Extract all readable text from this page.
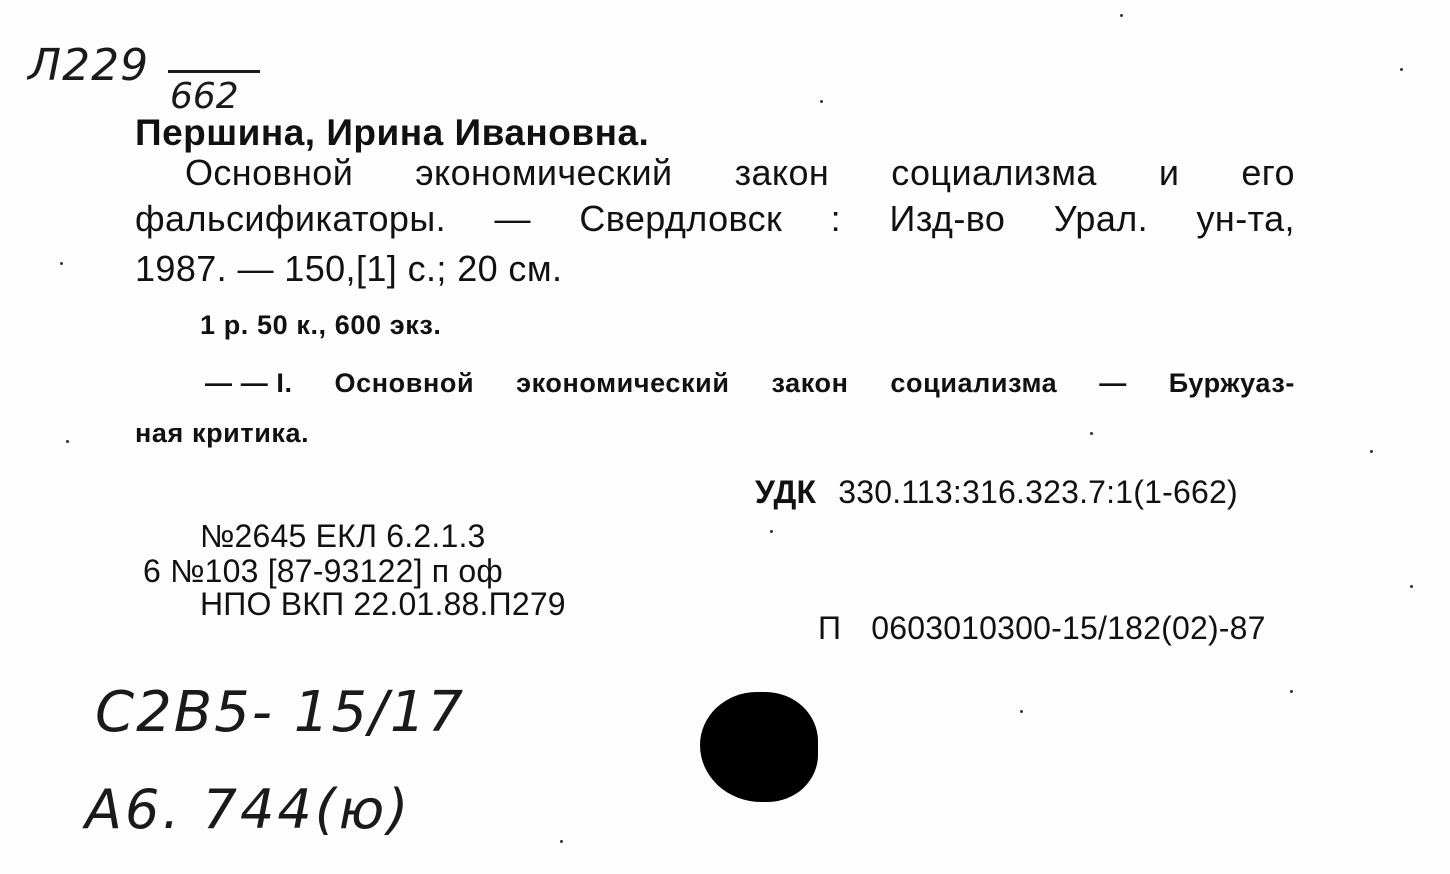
Л229
662
Першина, Ирина Ивановна.
Основной экономический закон социализма и его
фальсификаторы. — Свердловск : Изд-во Урал. ун-та,
1987. — 150,[1] с.; 20 см.
1 р. 50 к., 600 экз.
— — I. Основной экономический закон социализма — Буржуаз-
ная критика.
УДК 330.113:316.323.7:1(1-662)
№2645 ЕКЛ 6.2.1.3
6 №103 [87-93122] п оф
НПО ВКП 22.01.88.П279
П 0603010300-15/182(02)-87
С2В5- 15/17
А6. 744(ю)
